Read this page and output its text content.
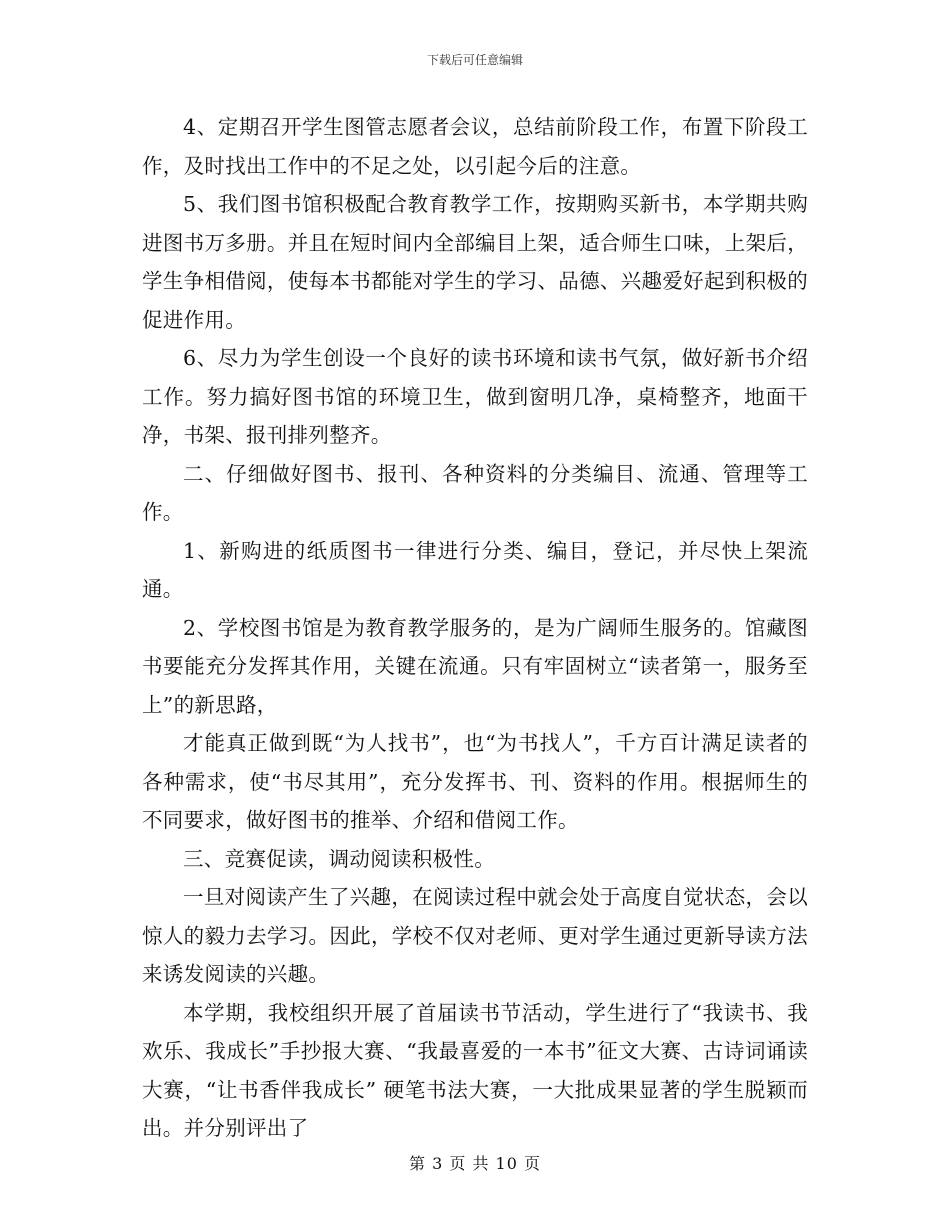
下载后可任意编辑

4、定期召开学生图管志愿者会议，总结前阶段工作，布置下阶段工作，及时找出工作中的不足之处，以引起今后的注意。

5、我们图书馆积极配合教育教学工作，按期购买新书，本学期共购进图书万多册。并且在短时间内全部编目上架，适合师生口味，上架后，学生争相借阅，使每本书都能对学生的学习、品德、兴趣爱好起到积极的促进作用。

6、尽力为学生创设一个良好的读书环境和读书气氛，做好新书介绍工作。努力搞好图书馆的环境卫生，做到窗明几净，桌椅整齐，地面干净，书架、报刊排列整齐。

二、仔细做好图书、报刊、各种资料的分类编目、流通、管理等工作。

1、新购进的纸质图书一律进行分类、编目，登记，并尽快上架流通。

2、学校图书馆是为教育教学服务的，是为广阔师生服务的。馆藏图书要能充分发挥其作用，关键在流通。只有牢固树立“读者第一，服务至上”的新思路，

才能真正做到既“为人找书”，也“为书找人”，千方百计满足读者的各种需求，使“书尽其用”，充分发挥书、刊、资料的作用。根据师生的不同要求，做好图书的推举、介绍和借阅工作。

三、竞赛促读，调动阅读积极性。

一旦对阅读产生了兴趣，在阅读过程中就会处于高度自觉状态，会以惊人的毅力去学习。因此，学校不仅对老师、更对学生通过更新导读方法来诱发阅读的兴趣。

本学期，我校组织开展了首届读书节活动，学生进行了“我读书、我欢乐、我成长”手抄报大赛、“我最喜爱的一本书”征文大赛、古诗词诵读大赛，“让书香伴我成长” 硬笔书法大赛，一大批成果显著的学生脱颖而出。并分别评出了

第 3 页 共 10 页
